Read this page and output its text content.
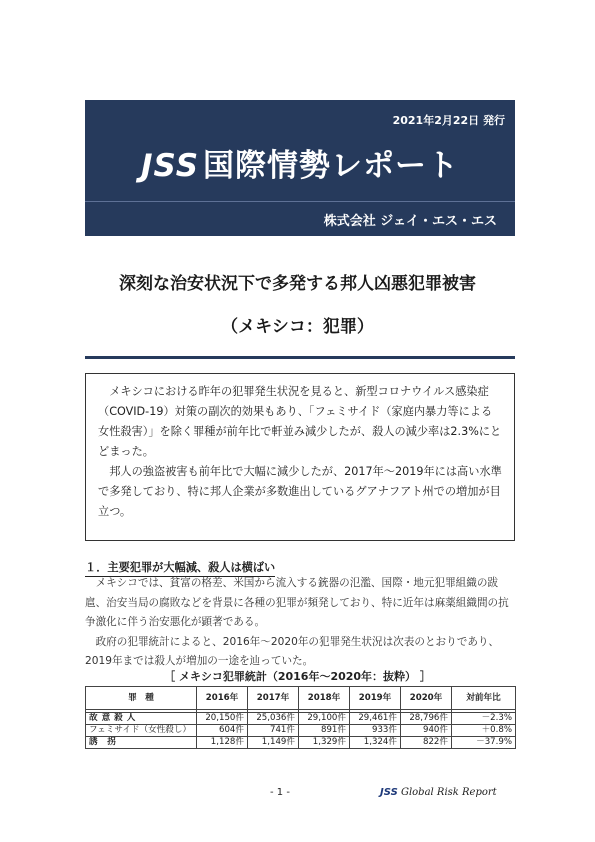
2021年2月22日 発行
JSS 国際情勢レポート
株式会社 ジェイ・エス・エス
深刻な治安状況下で多発する邦人凶悪犯罪被害
（メキシコ：犯罪）

メキシコにおける昨年の犯罪発生状況を見ると、新型コロナウイルス感染症（COVID-19）対策の副次的効果もあり、「フェミサイド（家庭内暴力等による女性殺害）」を除く罪種が前年比で軒並み減少したが、殺人の減少率は2.3%にとどまった。

邦人の強盗被害も前年比で大幅に減少したが、2017年～2019年には高い水準で多発しており、特に邦人企業が多数進出しているグアナフアト州での増加が目立つ。

１．主要犯罪が大幅減、殺人は横ばい

メキシコでは、貧富の格差、米国から流入する銃器の氾濫、国際・地元犯罪組織の跋扈、治安当局の腐敗などを背景に各種の犯罪が頻発しており、特に近年は麻薬組織間の抗争激化に伴う治安悪化が顕著である。

政府の犯罪統計によると、2016年～2020年の犯罪発生状況は次表のとおりであり、2019年までは殺人が増加の一途を辿っていた。

［ メキシコ犯罪統計（2016年～2020年：抜粋） ］
罪　種	2016年	2017年	2018年	2019年	2020年	対前年比

故 意 殺 人	20,150件	25,036件	29,100件	29,461件	28,796件	－2.3%
フェミサイド（女性殺し）	604件	741件	891件	933件	940件	＋0.8%
誘　拐	1,128件	1,149件	1,329件	1,324件	822件	－37.9%
- 1 -	JSS Global Risk Report
